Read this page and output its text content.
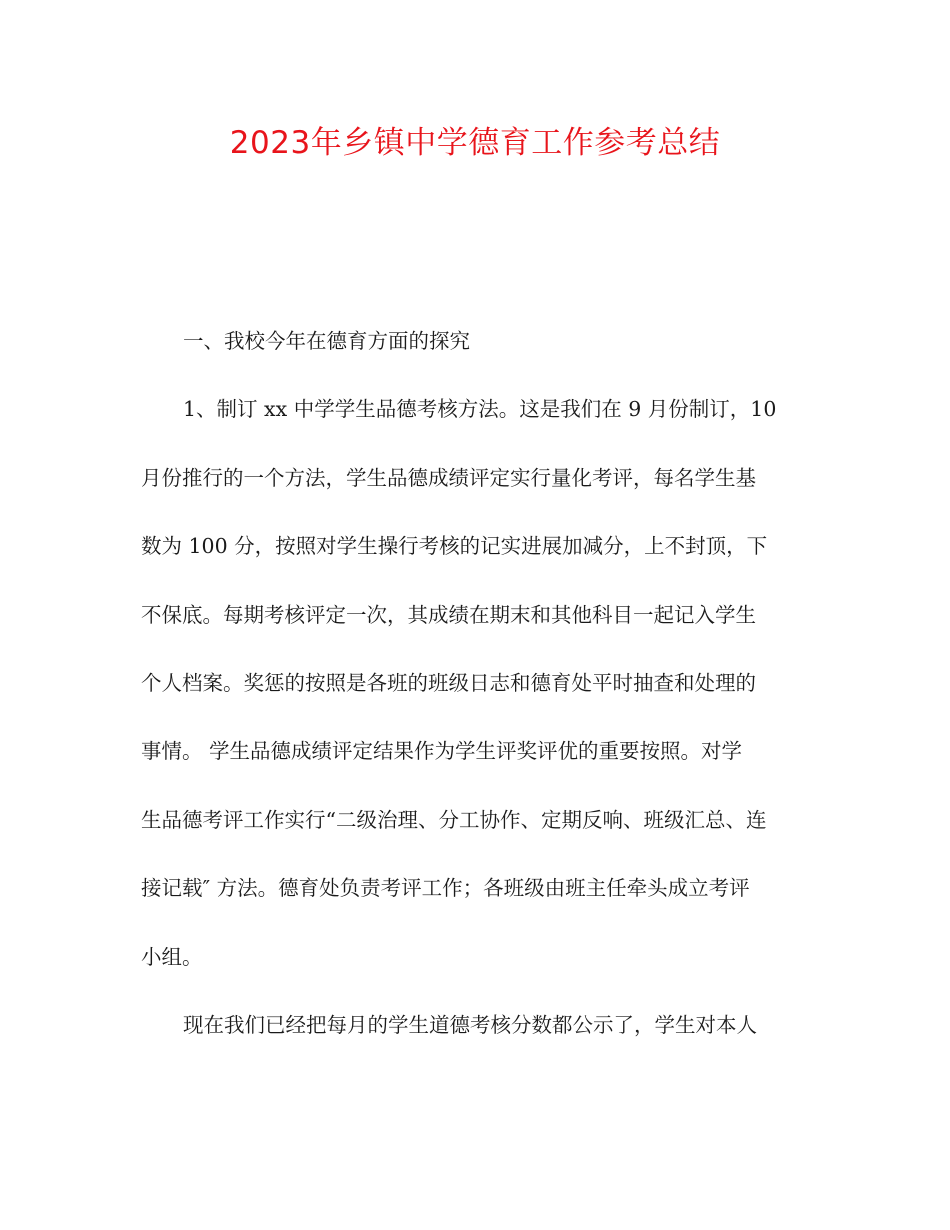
2023年乡镇中学德育工作参考总结
一、我校今年在德育方面的探究
1、制订 xx 中学学生品德考核方法。这是我们在 9 月份制订，10
月份推行的一个方法，学生品德成绩评定实行量化考评，每名学生基
数为 100 分，按照对学生操行考核的记实进展加减分，上不封顶，下
不保底。每期考核评定一次，其成绩在期末和其他科目一起记入学生
个人档案。奖惩的按照是各班的班级日志和德育处平时抽查和处理的
事情。 学生品德成绩评定结果作为学生评奖评优的重要按照。对学
生品德考评工作实行“二级治理、分工协作、定期反响、班级汇总、连
接记载″ 方法。德育处负责考评工作；各班级由班主任牵头成立考评
小组。
现在我们已经把每月的学生道德考核分数都公示了，学生对本人
